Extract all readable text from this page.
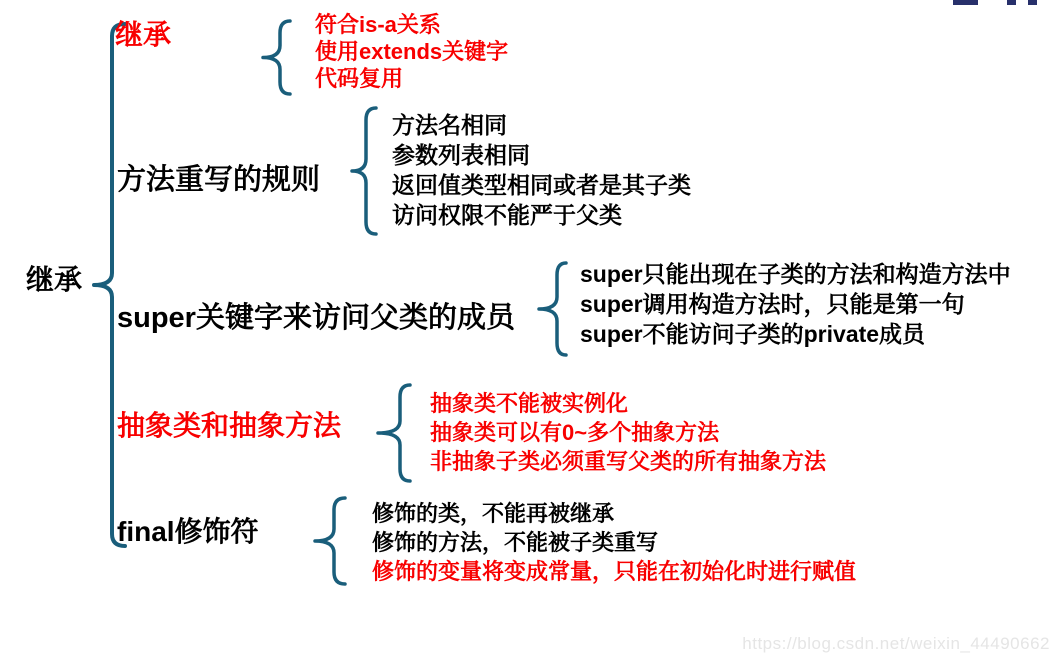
继承
继承
方法重写的规则
super关键字来访问父类的成员
抽象类和抽象方法
final修饰符
符合is-a关系
使用extends关键字
代码复用
方法名相同
参数列表相同
返回值类型相同或者是其子类
访问权限不能严于父类
super只能出现在子类的方法和构造方法中
super调用构造方法时，只能是第一句
super不能访问子类的private成员
抽象类不能被实例化
抽象类可以有0~多个抽象方法
非抽象子类必须重写父类的所有抽象方法
修饰的类，不能再被继承
修饰的方法，不能被子类重写
修饰的变量将变成常量，只能在初始化时进行赋值
https://blog.csdn.net/weixin_44490662
